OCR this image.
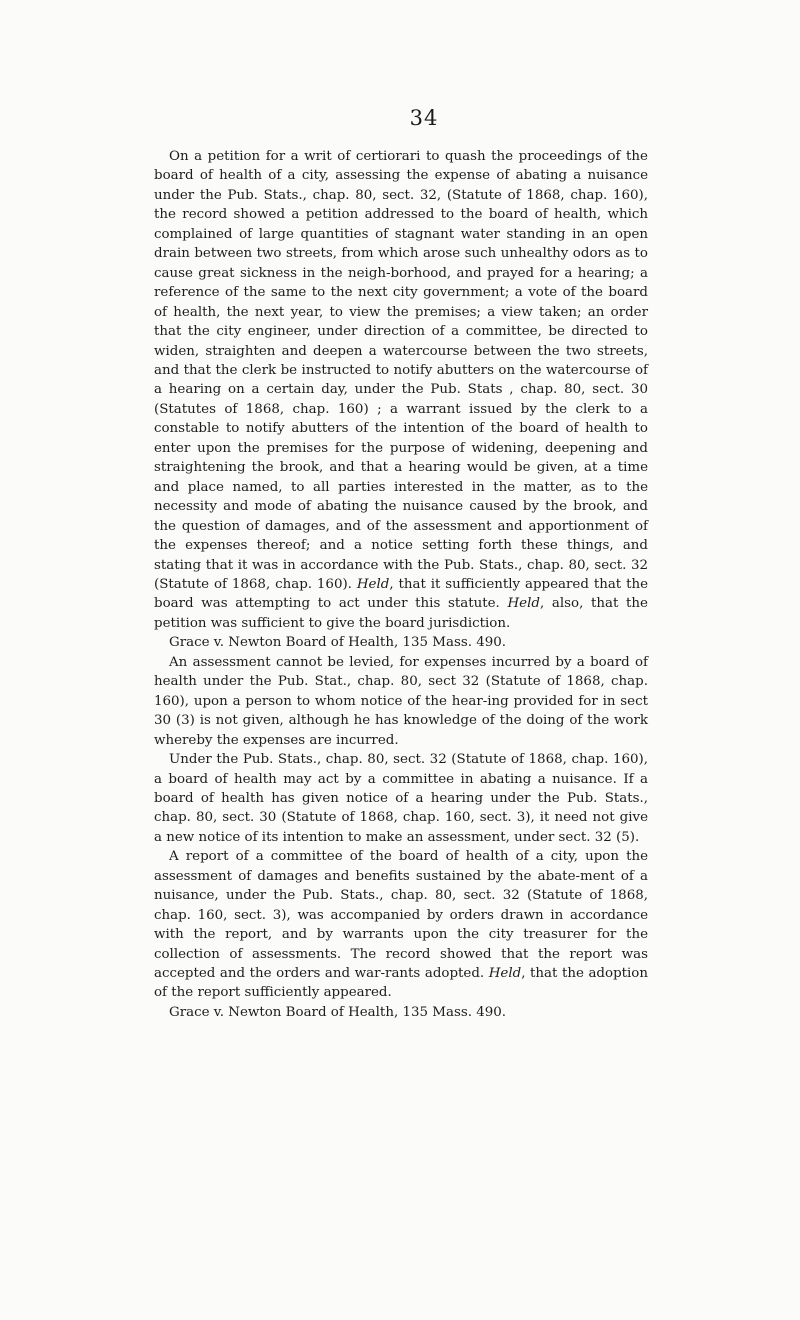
34

On a petition for a writ of certiorari to quash the proceedings of the board of health of a city, assessing the expense of abating a nuisance under the Pub. Stats., chap. 80, sect. 32, (Statute of 1868, chap. 160), the record showed a petition addressed to the board of health, which complained of large quantities of stagnant water standing in an open drain between two streets, from which arose such unhealthy odors as to cause great sickness in the neigh-borhood, and prayed for a hearing; a reference of the same to the next city government; a vote of the board of health, the next year, to view the premises; a view taken; an order that the city engineer, under direction of a committee, be directed to widen, straighten and deepen a watercourse between the two streets, and that the clerk be instructed to notify abutters on the watercourse of a hearing on a certain day, under the Pub. Stats , chap. 80, sect. 30 (Statutes of 1868, chap. 160) ; a warrant issued by the clerk to a constable to notify abutters of the intention of the board of health to enter upon the premises for the purpose of widening, deepening and straightening the brook, and that a hearing would be given, at a time and place named, to all parties interested in the matter, as to the necessity and mode of abating the nuisance caused by the brook, and the question of damages, and of the assessment and apportionment of the expenses thereof; and a notice setting forth these things, and stating that it was in accordance with the Pub. Stats., chap. 80, sect. 32 (Statute of 1868, chap. 160). Held, that it sufficiently appeared that the board was attempting to act under this statute. Held, also, that the petition was sufficient to give the board jurisdiction.

Grace v. Newton Board of Health, 135 Mass. 490.

An assessment cannot be levied, for expenses incurred by a board of health under the Pub. Stat., chap. 80, sect 32 (Statute of 1868, chap. 160), upon a person to whom notice of the hear-ing provided for in sect 30 (3) is not given, although he has knowledge of the doing of the work whereby the expenses are incurred.

Under the Pub. Stats., chap. 80, sect. 32 (Statute of 1868, chap. 160), a board of health may act by a committee in abating a nuisance. If a board of health has given notice of a hearing under the Pub. Stats., chap. 80, sect. 30 (Statute of 1868, chap. 160, sect. 3), it need not give a new notice of its intention to make an assessment, under sect. 32 (5).

A report of a committee of the board of health of a city, upon the assessment of damages and benefits sustained by the abate-ment of a nuisance, under the Pub. Stats., chap. 80, sect. 32 (Statute of 1868, chap. 160, sect. 3), was accompanied by orders drawn in accordance with the report, and by warrants upon the city treasurer for the collection of assessments. The record showed that the report was accepted and the orders and war-rants adopted. Held, that the adoption of the report sufficiently appeared.

Grace v. Newton Board of Health, 135 Mass. 490.
